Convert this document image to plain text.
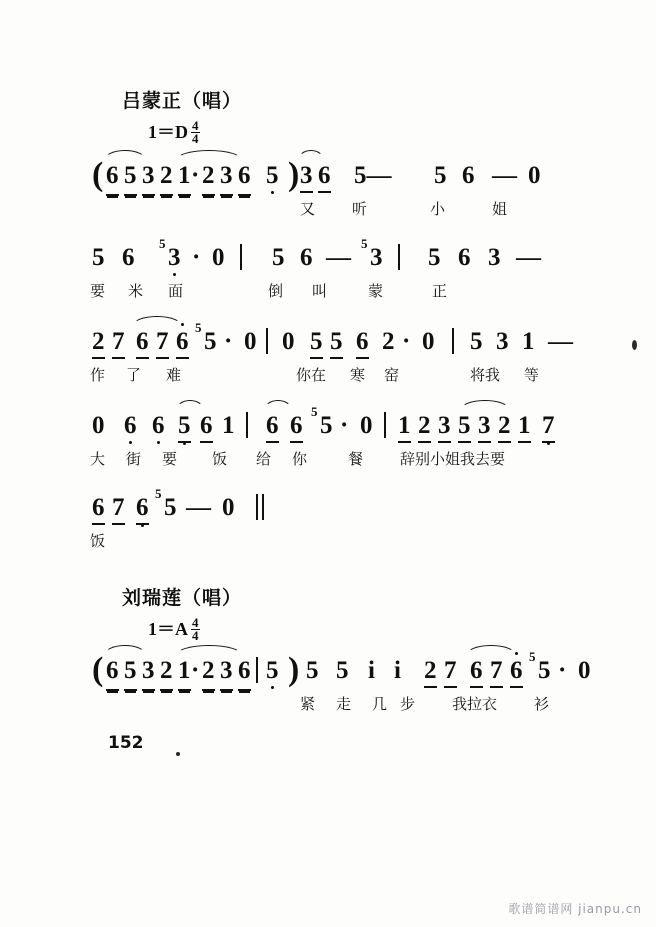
吕蒙正（唱）
$1=D \frac{4}{4}$
( 6 5 3 2 1 · 2 3 6 5 ) 3 6 5— 5 6 — 0
又 听	小	姐
5 6 3
5
· 0 5 6 — 3
5
5 6 3 —
要 米 面	倒 叫	蒙	正
2 7 6 7 6 5
5
· 0 0 5 5 6 2 · 0 5 3 1 —
作 了 难	你在 寒 窑	将我 等
0 6 6 5 6 1 6 6 5
5
· 0 1 2 3 5 3 2 1 7
大 街 要 饭 给 你	餐 辞别小姐我去要
6 7 6 5
5
— 0
饭
刘瑞莲（唱）
$1=A \frac{4}{4}$
( 6 5 3 2 1 · 2 3 6 5 ) 5 5 i i 2 7 6 7 6 5
5
· 0
紧 走 几 步 我拉衣 衫
152
歌谱简谱网 jianpu.cn
